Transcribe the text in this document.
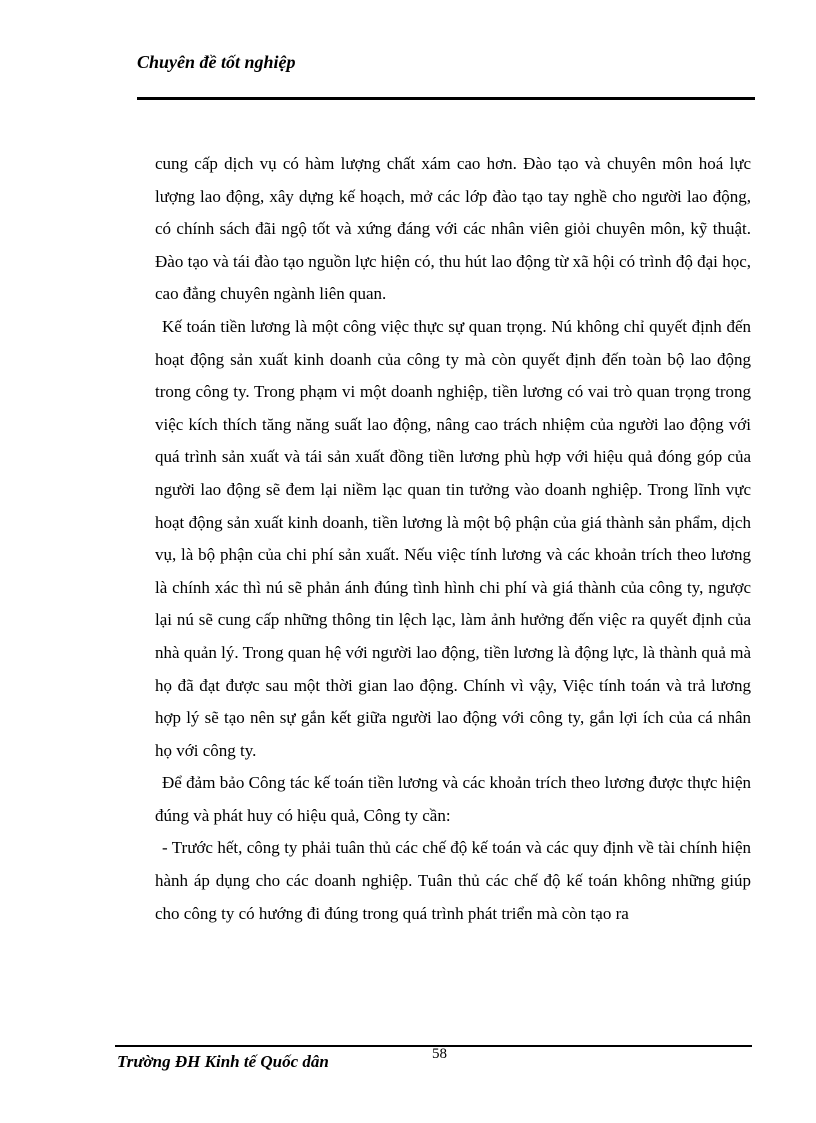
Chuyên đề tốt nghiệp

cung cấp dịch vụ có hàm lượng chất xám cao hơn. Đào tạo và chuyên môn hoá lực lượng lao động, xây dựng kế hoạch, mở các lớp đào tạo tay nghề cho người lao động, có chính sách đãi ngộ tốt và xứng đáng với các nhân viên giỏi chuyên môn, kỹ thuật. Đào tạo và tái đào tạo nguồn lực hiện có, thu hút lao động từ xã hội có trình độ đại học, cao đẳng chuyên ngành liên quan.

Kế toán tiền lương là một công việc thực sự quan trọng. Nú không chỉ quyết định đến hoạt động sản xuất kinh doanh của công ty mà còn quyết định đến toàn bộ lao động trong công ty. Trong phạm vi một doanh nghiệp, tiền lương có vai trò quan trọng trong việc kích thích tăng năng suất lao động, nâng cao trách nhiệm của người lao động với quá trình sản xuất và tái sản xuất đồng tiền lương phù hợp với hiệu quả đóng góp của người lao động sẽ đem lại niềm lạc quan tin tưởng vào doanh nghiệp. Trong lĩnh vực hoạt động sản xuất kinh doanh, tiền lương là một bộ phận của giá thành sản phẩm, dịch vụ, là bộ phận của chi phí sản xuất. Nếu việc tính lương và các khoản trích theo lương là chính xác thì nú sẽ phản ánh đúng tình hình chi phí và giá thành của công ty, ngược lại nú sẽ cung cấp những thông tin lệch lạc, làm ảnh hưởng đến việc ra quyết định của nhà quản lý. Trong quan hệ với người lao động, tiền lương là động lực, là thành quả mà họ đã đạt được sau một thời gian lao động. Chính vì vậy, Việc tính toán và trả lương hợp lý sẽ tạo nên sự gắn kết giữa người lao động với công ty, gắn lợi ích của cá nhân họ với công ty.

Để đảm bảo Công tác kế toán tiền lương và các khoản trích theo lương được thực hiện đúng và phát huy có hiệu quả, Công ty cần:

- Trước hết, công ty phải tuân thủ các chế độ kế toán và các quy định về tài chính hiện hành áp dụng cho các doanh nghiệp. Tuân thủ các chế độ kế toán không những giúp cho công ty có hướng đi đúng trong quá trình phát triển mà còn tạo ra

Trường ĐH Kinh tế Quốc dân	58
